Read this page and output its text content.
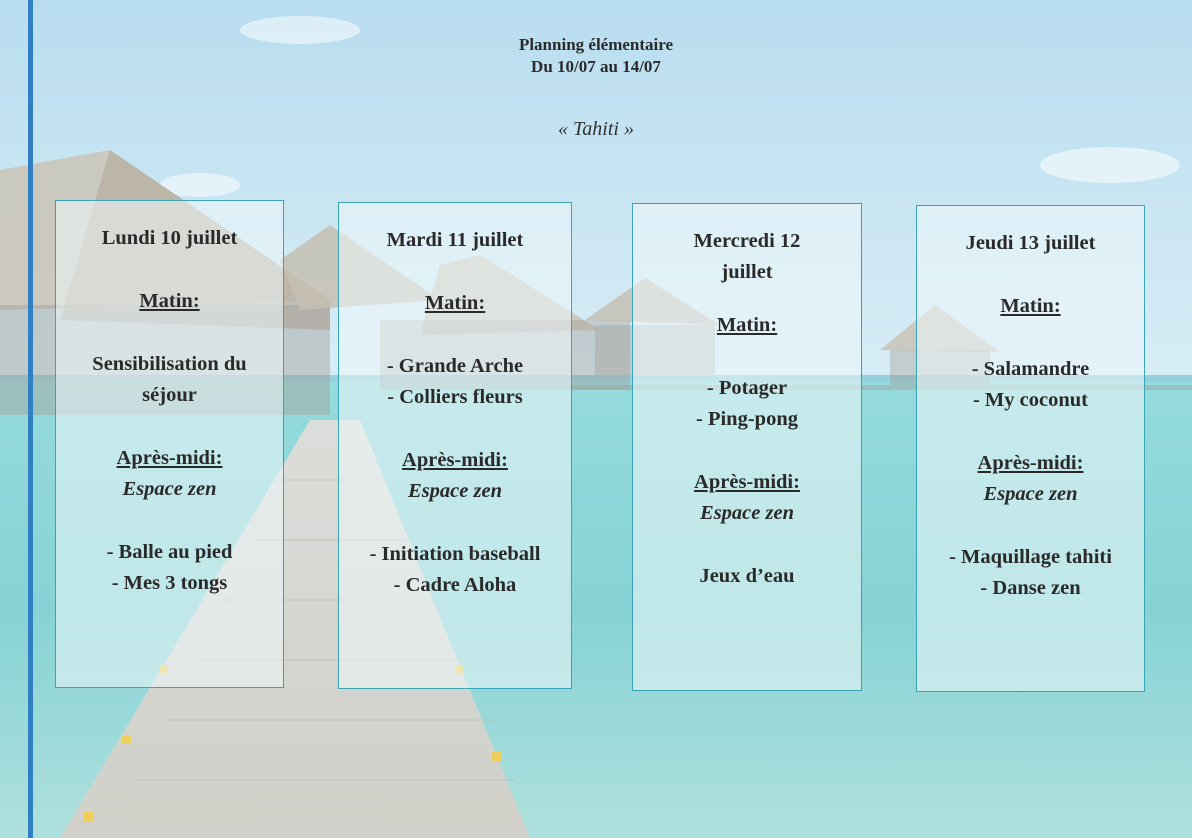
Planning élémentaire
Du 10/07 au 14/07
« Tahiti »
Lundi 10 juillet
Matin:
Sensibilisation du
séjour
Après-midi:
Espace zen
- Balle au pied
- Mes 3 tongs
Mardi 11 juillet
Matin:
- Grande Arche
- Colliers fleurs
Après-midi:
Espace zen
- Initiation baseball
- Cadre Aloha
Mercredi 12
juillet
Matin:
- Potager
- Ping-pong
Après-midi:
Espace zen
Jeux d’eau
Jeudi 13 juillet
Matin:
- Salamandre
- My coconut
Après-midi:
Espace zen
- Maquillage tahiti
- Danse zen
